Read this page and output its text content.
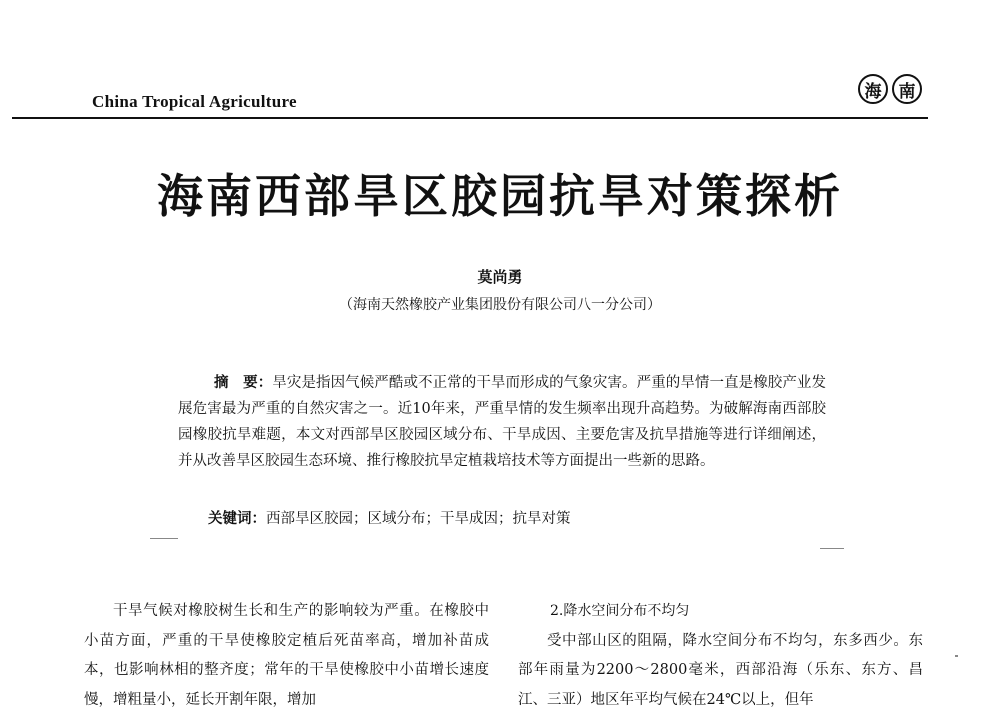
China Tropical Agriculture	海	南
海南西部旱区胶园抗旱对策探析
莫尚勇
（海南天然橡胶产业集团股份有限公司八一分公司）
摘　要：旱灾是指因气候严酷或不正常的干旱而形成的气象灾害。严重的旱情一直是橡胶产业发展危害最为严重的自然灾害之一。近10年来，严重旱情的发生频率出现升高趋势。为破解海南西部胶园橡胶抗旱难题，本文对西部旱区胶园区域分布、干旱成因、主要危害及抗旱措施等进行详细阐述，并从改善旱区胶园生态环境、推行橡胶抗旱定植栽培技术等方面提出一些新的思路。
关键词：西部旱区胶园；区域分布；干旱成因；抗旱对策

干旱气候对橡胶树生长和生产的影响较为严重。在橡胶中小苗方面，严重的干旱使橡胶定植后死苗率高，增加补苗成本，也影响林相的整齐度；常年的干旱使橡胶中小苗增长速度慢，增粗量小，延长开割年限，增加

2.降水空间分布不均匀

受中部山区的阻隔，降水空间分布不均匀，东多西少。东部年雨量为2200～2800毫米，西部沿海（乐东、东方、昌江、三亚）地区年平均气候在24℃以上，但年
